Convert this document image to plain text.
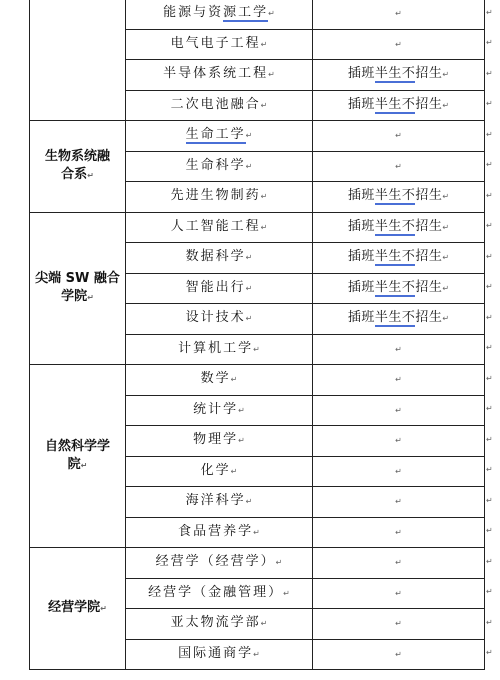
	能源与资源工学↵	↵
	电气电子工程↵	↵
	半导体系统工程↵	插班半生不招生↵
	二次电池融合↵	插班半生不招生↵

生物系统融
合系↵	生命工学↵	↵
	生命科学↵	↵
	先进生物制药↵	插班半生不招生↵

尖端 SW 融合
学院↵	人工智能工程↵	插班半生不招生↵
	数据科学↵	插班半生不招生↵
	智能出行↵	插班半生不招生↵
	设计技术↵	插班半生不招生↵
	计算机工学↵	↵

自然科学学
院↵	数学↵	↵
	统计学↵	↵
	物理学↵	↵
	化学↵	↵
	海洋科学↵	↵
	食品营养学↵	↵

经营学院↵	经营学（经营学）↵	↵
	经营学（金融管理）↵	↵
	亚太物流学部↵	↵
	国际通商学↵	↵
↵
↵
↵
↵
↵
↵
↵
↵
↵
↵
↵
↵
↵
↵
↵
↵
↵
↵
↵
↵
↵
↵
